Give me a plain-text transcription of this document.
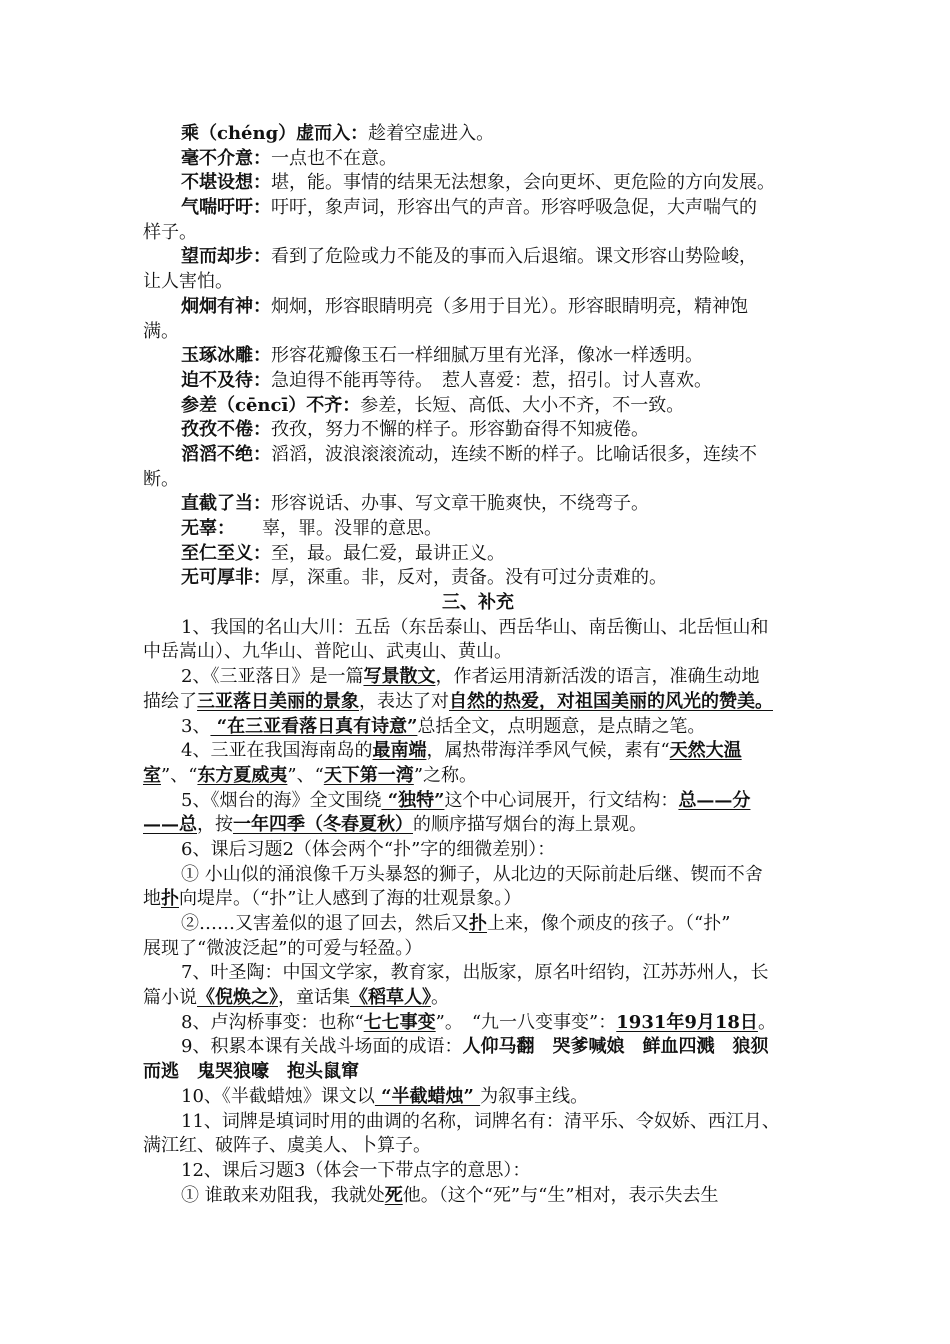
乘（chéng）虚而入：趁着空虚进入。
毫不介意：一点也不在意。
不堪设想：堪，能。事情的结果无法想象，会向更坏、更危险的方向发展。
气喘吁吁：吁吁，象声词，形容出气的声音。形容呼吸急促，大声喘气的
样子。
望而却步：看到了危险或力不能及的事而入后退缩。课文形容山势险峻，
让人害怕。
炯炯有神：炯炯，形容眼睛明亮（多用于目光）。形容眼睛明亮，精神饱
满。
玉琢冰雕：形容花瓣像玉石一样细腻万里有光泽，像冰一样透明。
迫不及待：急迫得不能再等待。　惹人喜爱：惹，招引。讨人喜欢。
参差（cēncī）不齐：参差，长短、高低、大小不齐，不一致。
孜孜不倦：孜孜，努力不懈的样子。形容勤奋得不知疲倦。
滔滔不绝：滔滔，波浪滚滚流动，连续不断的样子。比喻话很多，连续不
断。
直截了当：形容说话、办事、写文章干脆爽快，不绕弯子。
无辜：　　辜，罪。没罪的意思。
至仁至义：至，最。最仁爱，最讲正义。
无可厚非：厚，深重。非，反对，责备。没有可过分责难的。
三、补充
1、我国的名山大川：五岳（东岳泰山、西岳华山、南岳衡山、北岳恒山和
中岳嵩山）、九华山、普陀山、武夷山、黄山。
2、《三亚落日》是一篇写景散文，作者运用清新活泼的语言，准确生动地
描绘了三亚落日美丽的景象，表达了对自然的热爱，对祖国美丽的风光的赞美。
3、 “在三亚看落日真有诗意”总括全文，点明题意，是点睛之笔。
4、三亚在我国海南岛的最南端，属热带海洋季风气候，素有“天然大温
室”、“东方夏威夷”、“天下第一湾”之称。
5、《烟台的海》全文围绕 “独特”这个中心词展开，行文结构：总——分
——总，按一年四季（冬春夏秋）的顺序描写烟台的海上景观。
6、课后习题2（体会两个“扑”字的细微差别）：
① 小山似的涌浪像千万头暴怒的狮子，从北边的天际前赴后继、锲而不舍
地扑向堤岸。（“扑”让人感到了海的壮观景象。）
②……又害羞似的退了回去，然后又扑上来，像个顽皮的孩子。（“扑”
展现了“微波泛起”的可爱与轻盈。）
7、叶圣陶：中国文学家，教育家，出版家，原名叶绍钧，江苏苏州人，长
篇小说《倪焕之》，童话集《稻草人》。
8、卢沟桥事变：也称“七七事变”。　“九一八变事变”：1931年9月18日。
9、积累本课有关战斗场面的成语：人仰马翻　哭爹喊娘　鲜血四溅　狼狈
而逃　鬼哭狼嚎　抱头鼠窜
10、《半截蜡烛》课文以 “半截蜡烛” 为叙事主线。
11、词牌是填词时用的曲调的名称，词牌名有：清平乐、令奴娇、西江月、
满江红、破阵子、虞美人、卜算子。
12、课后习题3（体会一下带点字的意思）：
① 谁敢来劝阻我，我就处死他。（这个“死”与“生”相对，表示失去生
